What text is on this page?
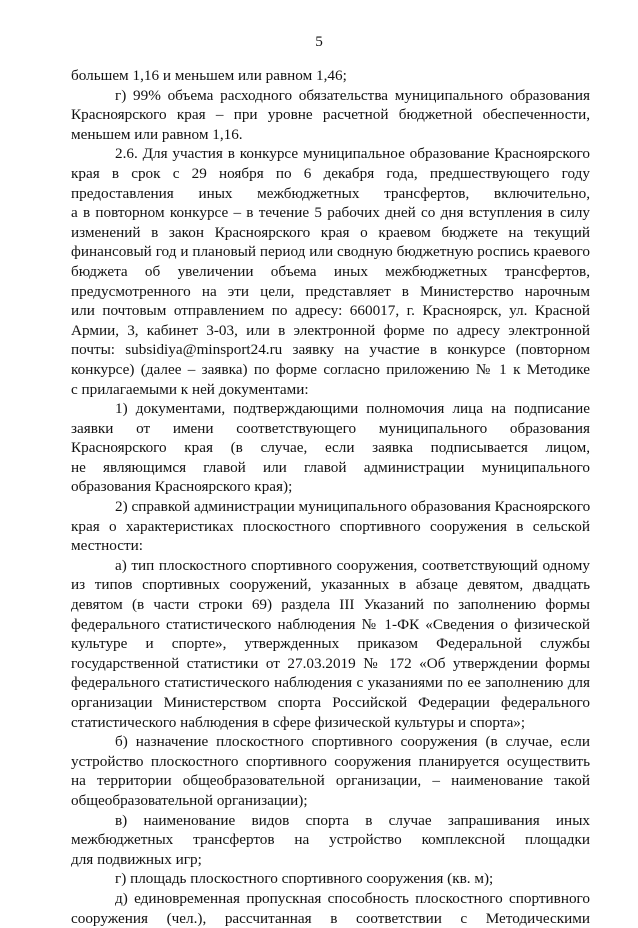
5
большем 1,16 и меньшем или равном 1,46;
г) 99% объема расходного обязательства муниципального образования
Красноярского края – при уровне расчетной бюджетной обеспеченности,
меньшем или равном 1,16.
2.6. Для участия в конкурсе муниципальное образование Красноярского
края в срок с 29 ноября по 6 декабря года, предшествующего году
предоставления иных межбюджетных трансфертов, включительно,
а в повторном конкурсе – в течение 5 рабочих дней со дня вступления в силу
изменений в закон Красноярского края о краевом бюджете на текущий
финансовый год и плановый период или сводную бюджетную роспись краевого
бюджета об увеличении объема иных межбюджетных трансфертов,
предусмотренного на эти цели, представляет в Министерство нарочным
или почтовым отправлением по адресу: 660017, г. Красноярск, ул. Красной
Армии, 3, кабинет 3-03, или в электронной форме по адресу электронной
почты: subsidiya@minsport24.ru заявку на участие в конкурсе (повторном
конкурсе) (далее – заявка) по форме согласно приложению № 1 к Методике
с прилагаемыми к ней документами:
1) документами, подтверждающими полномочия лица на подписание
заявки от имени соответствующего муниципального образования
Красноярского края (в случае, если заявка подписывается лицом,
не являющимся главой или главой администрации муниципального
образования Красноярского края);
2) справкой администрации муниципального образования Красноярского
края о характеристиках плоскостного спортивного сооружения в сельской
местности:
а) тип плоскостного спортивного сооружения, соответствующий одному
из типов спортивных сооружений, указанных в абзаце девятом, двадцать
девятом (в части строки 69) раздела III Указаний по заполнению формы
федерального статистического наблюдения № 1-ФК «Сведения о физической
культуре и спорте», утвержденных приказом Федеральной службы
государственной статистики от 27.03.2019 № 172 «Об утверждении формы
федерального статистического наблюдения с указаниями по ее заполнению для
организации Министерством спорта Российской Федерации федерального
статистического наблюдения в сфере физической культуры и спорта»;
б) назначение плоскостного спортивного сооружения (в случае, если
устройство плоскостного спортивного сооружения планируется осуществить
на территории общеобразовательной организации, – наименование такой
общеобразовательной организации);
в) наименование видов спорта в случае запрашивания иных
межбюджетных трансфертов на устройство комплексной площадки
для подвижных игр;
г) площадь плоскостного спортивного сооружения (кв. м);
д) единовременная пропускная способность плоскостного спортивного
сооружения (чел.), рассчитанная в соответствии с Методическими
